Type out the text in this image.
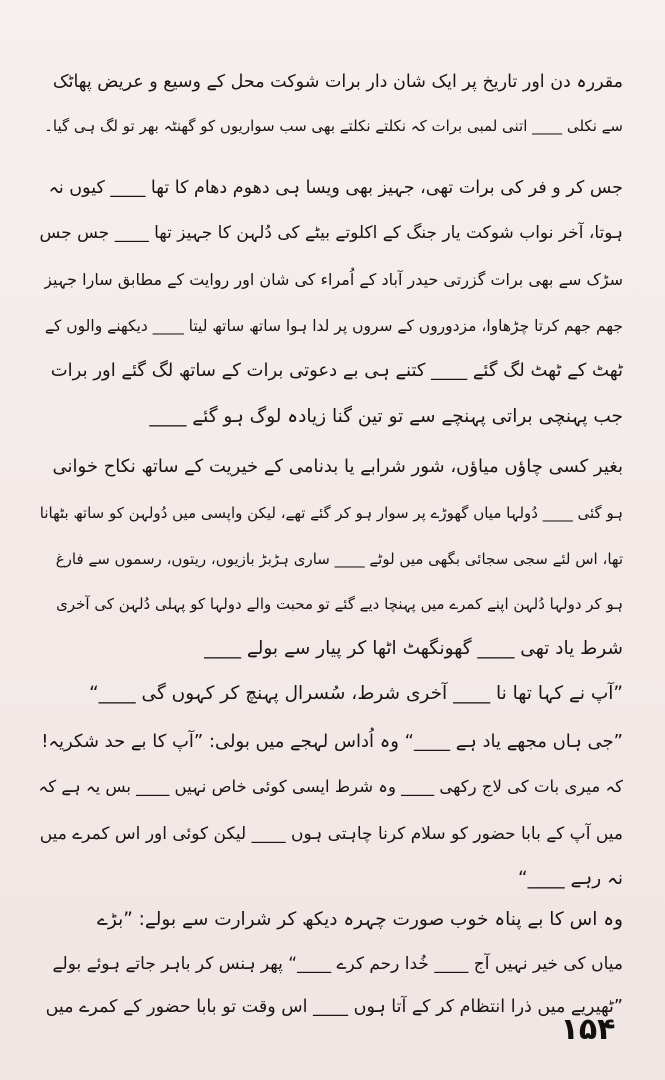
مقررہ دن اور تاریخ پر ایک شان دار برات شوکت محل کے وسیع و عریض پھاٹک
سے نکلی ____ اتنی لمبی برات کہ نکلتے نکلتے بھی سب سواریوں کو گھنٹہ بھر تو لگ ہی گیا۔
جس کر و فر کی برات تھی، جہیز بھی ویسا ہی دھوم دھام کا تھا ____ کیوں نہ
ہوتا، آخر نواب شوکت یار جنگ کے اکلوتے بیٹے کی دُلہن کا جہیز تھا ____ جس جس
سڑک سے بھی برات گزرتی حیدر آباد کے اُمراء کی شان اور روایت کے مطابق سارا جہیز
جھم جھم کرتا چڑھاوا، مزدوروں کے سروں پر لدا ہوا ساتھ ساتھ لیتا ____ دیکھنے والوں کے
ٹھٹ کے ٹھٹ لگ گئے ____ کتنے ہی بے دعوتی برات کے ساتھ لگ گئے اور برات
جب پہنچی براتی پہنچے سے تو تین گنا زیادہ لوگ ہو گئے ____
بغیر کسی چاؤں میاؤں، شور شرابے یا بدنامی کے خیریت کے ساتھ نکاح خوانی
ہو گئی ____ دُولہا میاں گھوڑے پر سوار ہو کر گئے تھے، لیکن واپسی میں دُولہن کو ساتھ بٹھانا
تھا، اس لئے سجی سجائی بگھی میں لوٹے ____ ساری ہڑبڑ بازیوں، ریتوں، رسموں سے فارغ
ہو کر دولہا دُلہن اپنے کمرے میں پہنچا دیے گئے تو محبت والے دولہا کو پہلی دُلہن کی آخری
شرط یاد تھی ____ گھونگھٹ اٹھا کر پیار سے بولے ____
”آپ نے کہا تھا نا ____ آخری شرط، سُسرال پہنچ کر کہوں گی ____“
”جی ہاں مجھے یاد ہے ____“ وہ اُداس لہجے میں بولی: ”آپ کا بے حد شکریہ!
کہ میری بات کی لاج رکھی ____ وہ شرط ایسی کوئی خاص نہیں ____ بس یہ ہے کہ
میں آپ کے بابا حضور کو سلام کرنا چاہتی ہوں ____ لیکن کوئی اور اس کمرے میں
نہ رہے ____“
وہ اس کا بے پناہ خوب صورت چہرہ دیکھ کر شرارت سے بولے: ”بڑے
میاں کی خیر نہیں آج ____ خُدا رحم کرے ____“ پھر ہنس کر باہر جاتے ہوئے بولے
”ٹھیریے میں ذرا انتظام کر کے آتا ہوں ____ اس وقت تو بابا حضور کے کمرے میں
۱۵۴
